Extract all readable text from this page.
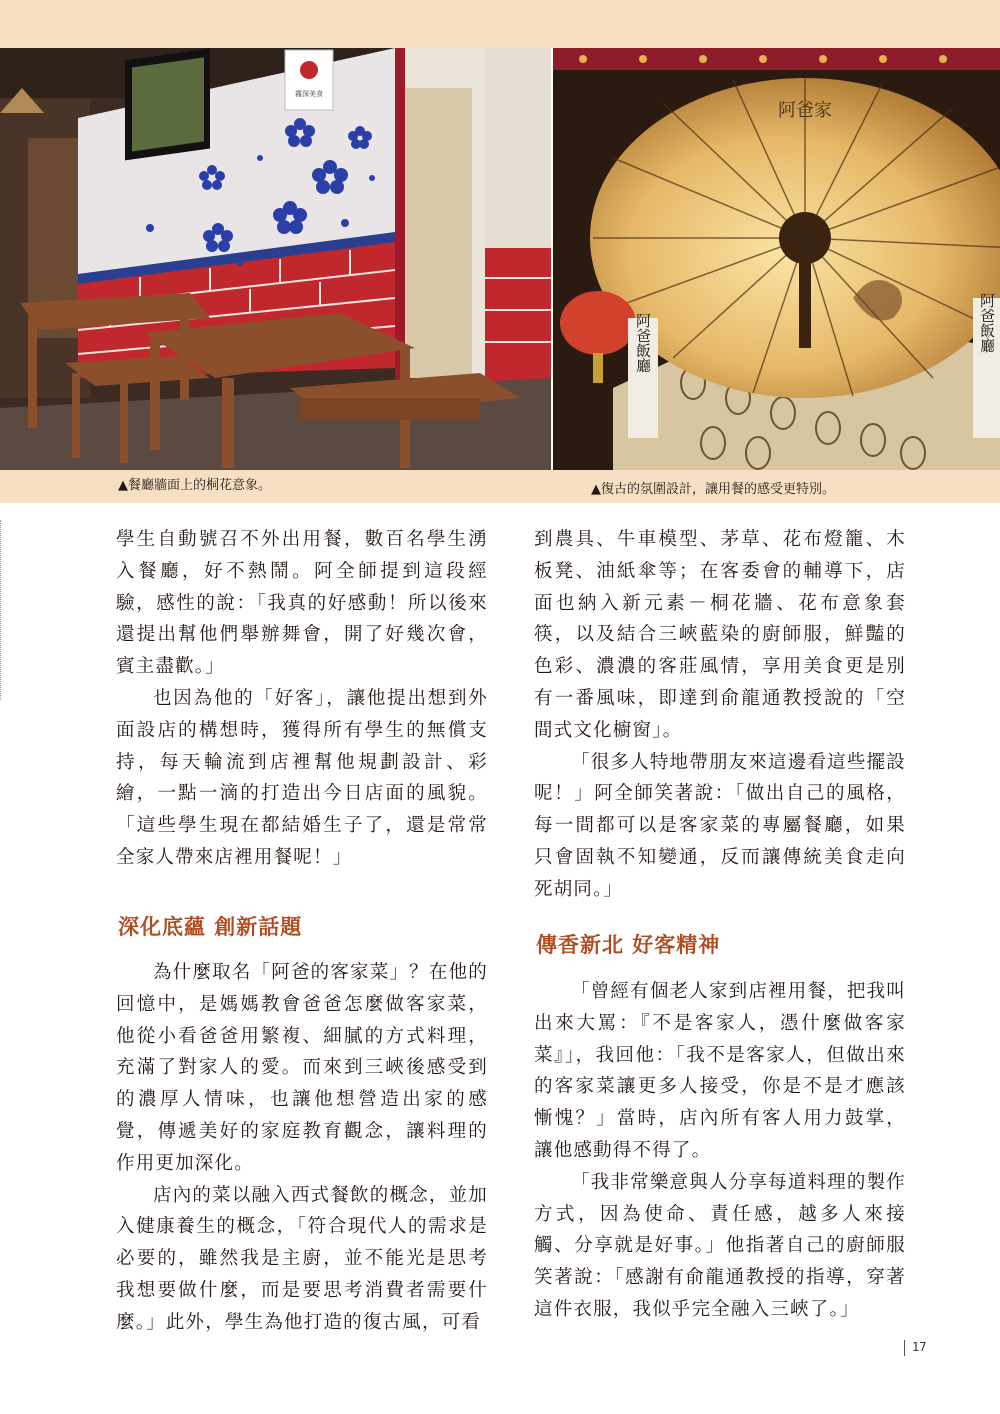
霧深美食
阿爸家
阿爸飯廳	阿爸飯廳
▲餐廳牆面上的桐花意象。	▲復古的氛圍設計，讓用餐的感受更特別。
學生自動號召不外出用餐，數百名學生湧入餐廳，好不熱鬧。阿全師提到這段經驗，感性的說：「我真的好感動！所以後來還提出幫他們舉辦舞會，開了好幾次會，賓主盡歡。」
也因為他的「好客」，讓他提出想到外面設店的構想時，獲得所有學生的無償支持，每天輪流到店裡幫他規劃設計、彩繪，一點一滴的打造出今日店面的風貌。「這些學生現在都結婚生子了，還是常常全家人帶來店裡用餐呢！」
深化底蘊 創新話題
為什麼取名「阿爸的客家菜」？在他的回憶中，是媽媽教會爸爸怎麼做客家菜，他從小看爸爸用繁複、細膩的方式料理，充滿了對家人的愛。而來到三峽後感受到的濃厚人情味，也讓他想營造出家的感覺，傳遞美好的家庭教育觀念，讓料理的作用更加深化。
店內的菜以融入西式餐飲的概念，並加入健康養生的概念，「符合現代人的需求是必要的，雖然我是主廚，並不能光是思考我想要做什麼，而是要思考消費者需要什麼。」此外，學生為他打造的復古風，可看
到農具、牛車模型、茅草、花布燈籠、木板凳、油紙傘等；在客委會的輔導下，店面也納入新元素－桐花牆、花布意象套筷，以及結合三峽藍染的廚師服，鮮豔的色彩、濃濃的客莊風情，享用美食更是別有一番風味，即達到俞龍通教授說的「空間式文化櫥窗」。
「很多人特地帶朋友來這邊看這些擺設呢！」阿全師笑著說：「做出自己的風格，每一間都可以是客家菜的專屬餐廳，如果只會固執不知變通，反而讓傳統美食走向死胡同。」
傳香新北 好客精神
「曾經有個老人家到店裡用餐，把我叫出來大罵：『不是客家人，憑什麼做客家菜』」，我回他：「我不是客家人，但做出來的客家菜讓更多人接受，你是不是才應該慚愧？」當時，店內所有客人用力鼓掌，讓他感動得不得了。
「我非常樂意與人分享每道料理的製作方式，因為使命、責任感，越多人來接觸、分享就是好事。」他指著自己的廚師服笑著說：「感謝有俞龍通教授的指導，穿著這件衣服，我似乎完全融入三峽了。」
17
